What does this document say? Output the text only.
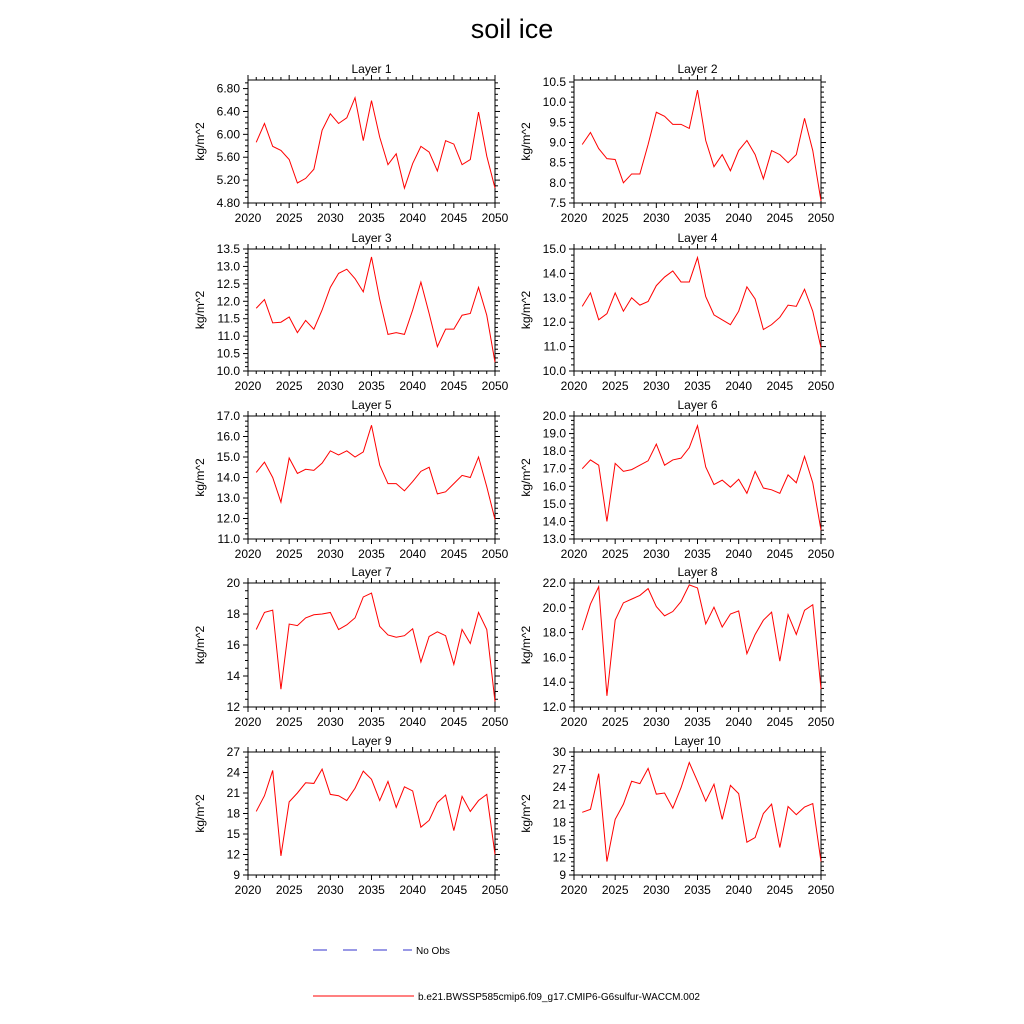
soil ice
Layer 1
2020 2025 2030 2035 2040 2045 2050
4.80
5.20
5.60
6.00
6.40
6.80
kg/m^2
Layer 2
2020 2025 2030 2035 2040 2045 2050
7.5
8.0
8.5
9.0
9.5
10.0
10.5
kg/m^2
Layer 3
2020 2025 2030 2035 2040 2045 2050
10.0
10.5
11.0
11.5
12.0
12.5
13.0
13.5
kg/m^2
Layer 4
2020 2025 2030 2035 2040 2045 2050
10.0
11.0
12.0
13.0
14.0
15.0
kg/m^2
Layer 5
2020 2025 2030 2035 2040 2045 2050
11.0
12.0
13.0
14.0
15.0
16.0
17.0
kg/m^2
Layer 6
2020 2025 2030 2035 2040 2045 2050
13.0
14.0
15.0
16.0
17.0
18.0
19.0
20.0
kg/m^2
Layer 7
2020 2025 2030 2035 2040 2045 2050
12
14
16
18
20
kg/m^2
Layer 8
2020 2025 2030 2035 2040 2045 2050
12.0
14.0
16.0
18.0
20.0
22.0
kg/m^2
Layer 9
2020 2025 2030 2035 2040 2045 2050
9
12
15
18
21
24
27
kg/m^2
Layer 10
2020 2025 2030 2035 2040 2045 2050
9
12
15
18
21
24
27
30
kg/m^2
No Obs
b.e21.BWSSP585cmip6.f09_g17.CMIP6-G6sulfur-WACCM.002
